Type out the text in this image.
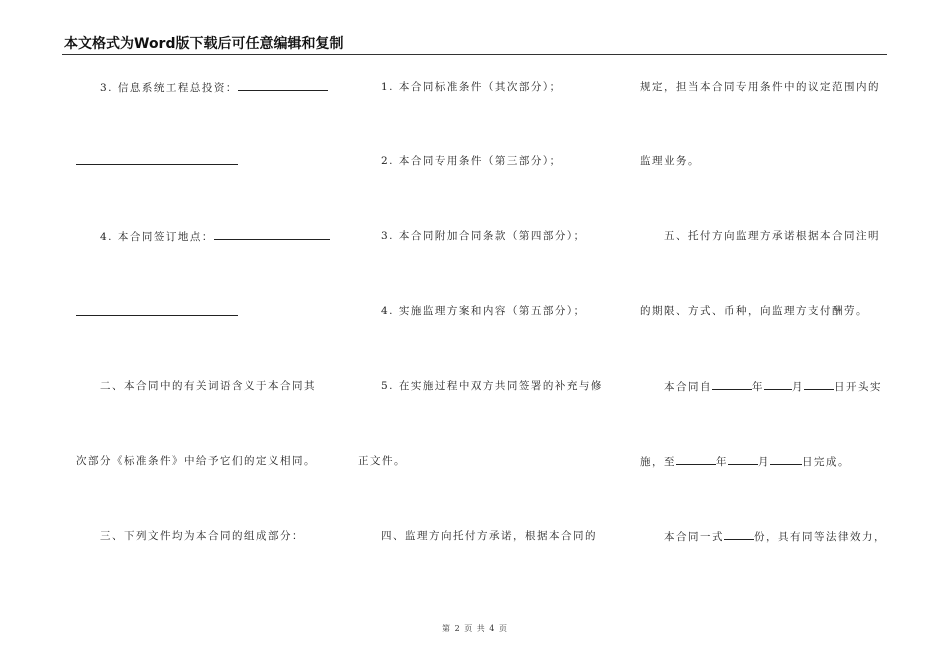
本文格式为Word版下载后可任意编辑和复制
3. 信息系统工程总投资：
4. 本合同签订地点：
二、本合同中的有关词语含义于本合同其
次部分《标准条件》中给予它们的定义相同。
三、下列文件均为本合同的组成部分：
1. 本合同标准条件（其次部分）；
2. 本合同专用条件（第三部分）；
3. 本合同附加合同条款（第四部分）；
4. 实施监理方案和内容（第五部分）；
5. 在实施过程中双方共同签署的补充与修
正文件。
四、监理方向托付方承诺，根据本合同的
规定，担当本合同专用条件中的议定范围内的
监理业务。
五、托付方向监理方承诺根据本合同注明
的期限、方式、币种，向监理方支付酬劳。
本合同自	年	月	日开头实
施，至	年	月	日完成。
本合同一式	份，具有同等法律效力，
第 2 页 共 4 页
